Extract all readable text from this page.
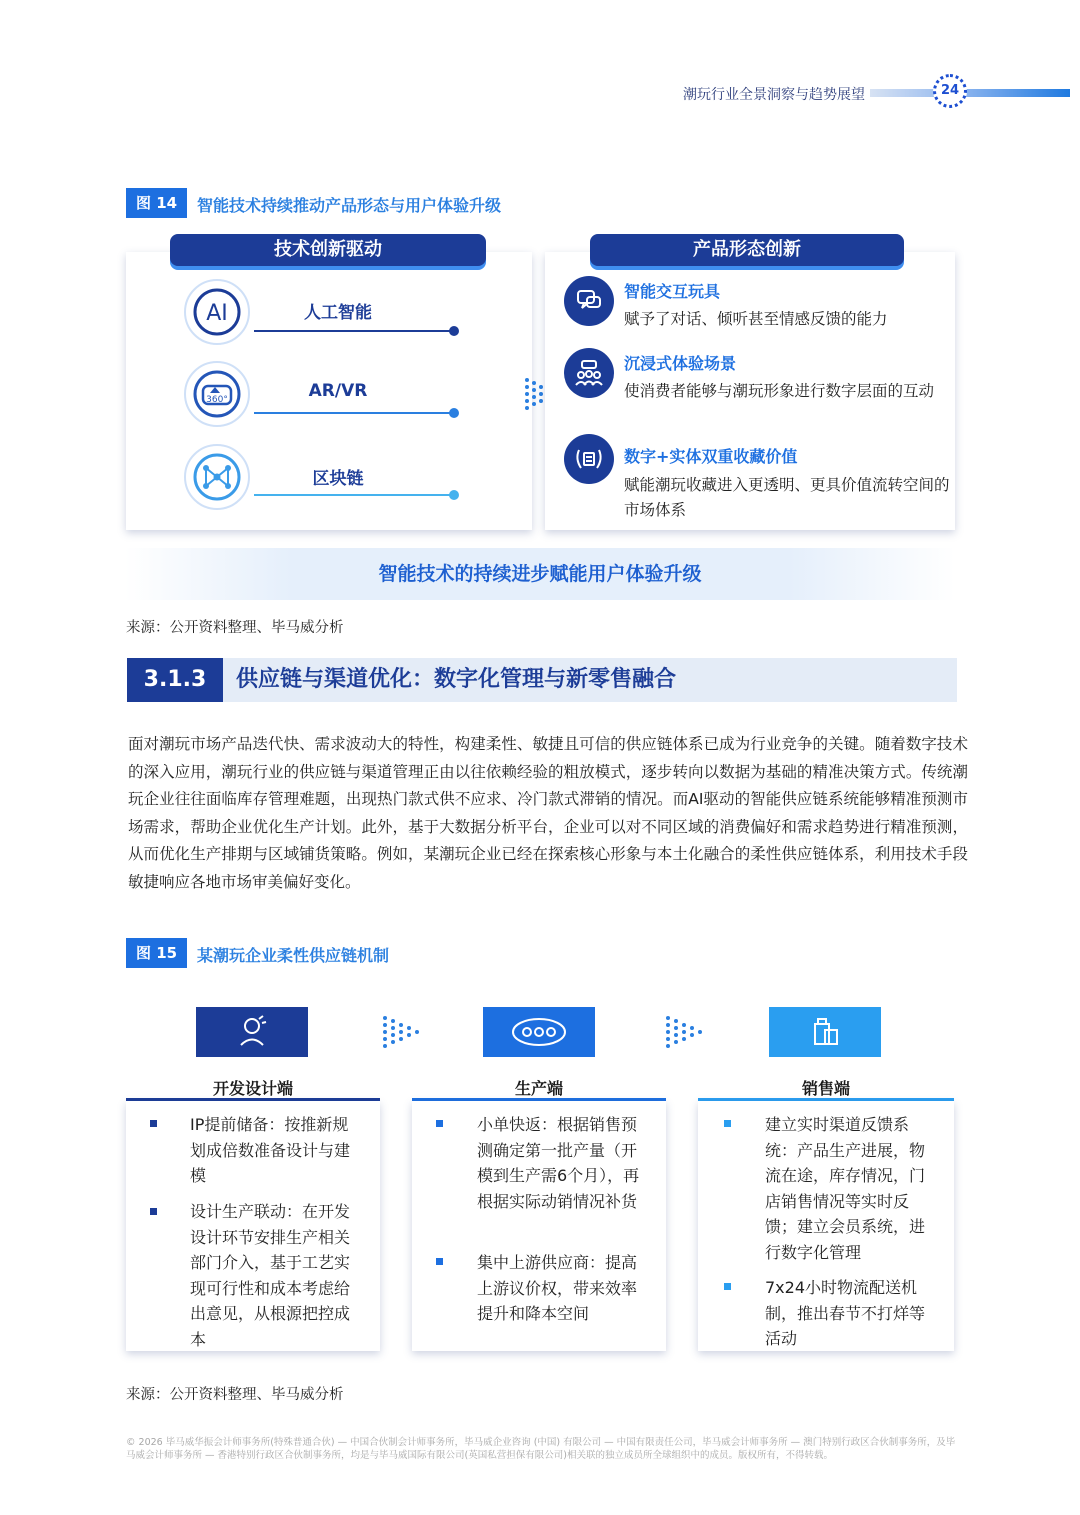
潮玩行业全景洞察与趋势展望	24
图 14	智能技术持续推动产品形态与用户体验升级
技术创新驱动
AI	人工智能
360°	AR/VR
区块链
产品形态创新
智能交互玩具
赋予了对话、倾听甚至情感反馈的能力
沉浸式体验场景
使消费者能够与潮玩形象进行数字层面的互动
数字+实体双重收藏价值
赋能潮玩收藏进入更透明、更具价值流转空间的市场体系
智能技术的持续进步赋能用户体验升级
来源：公开资料整理、毕马威分析
3.1.3	供应链与渠道优化：数字化管理与新零售融合
面对潮玩市场产品迭代快、需求波动大的特性，构建柔性、敏捷且可信的供应链体系已成为行业竞争的关键。随着数字技术的深入应用，潮玩行业的供应链与渠道管理正由以往依赖经验的粗放模式，逐步转向以数据为基础的精准决策方式。传统潮玩企业往往面临库存管理难题，出现热门款式供不应求、冷门款式滞销的情况。而AI驱动的智能供应链系统能够精准预测市场需求，帮助企业优化生产计划。此外，基于大数据分析平台，企业可以对不同区域的消费偏好和需求趋势进行精准预测，从而优化生产排期与区域铺货策略。例如，某潮玩企业已经在探索核心形象与本土化融合的柔性供应链体系，利用技术手段敏捷响应各地市场审美偏好变化。
图 15	某潮玩企业柔性供应链机制
开发设计端	生产端	销售端
IP提前储备：按推新规划成倍数准备设计与建模
设计生产联动：在开发设计环节安排生产相关部门介入，基于工艺实现可行性和成本考虑给出意见，从根源把控成本
小单快返：根据销售预测确定第一批产量（开模到生产需6个月），再根据实际动销情况补货
集中上游供应商：提高上游议价权，带来效率提升和降本空间
建立实时渠道反馈系统：产品生产进展，物流在途，库存情况，门店销售情况等实时反馈；建立会员系统，进行数字化管理
7x24小时物流配送机制，推出春节不打烊等活动
来源：公开资料整理、毕马威分析
© 2026 毕马威华振会计师事务所(特殊普通合伙) — 中国合伙制会计师事务所，毕马威企业咨询 (中国) 有限公司 — 中国有限责任公司，毕马威会计师事务所 — 澳门特别行政区合伙制事务所，及毕马威会计师事务所 — 香港特别行政区合伙制事务所，均是与毕马威国际有限公司(英国私营担保有限公司)相关联的独立成员所全球组织中的成员。版权所有，不得转载。
